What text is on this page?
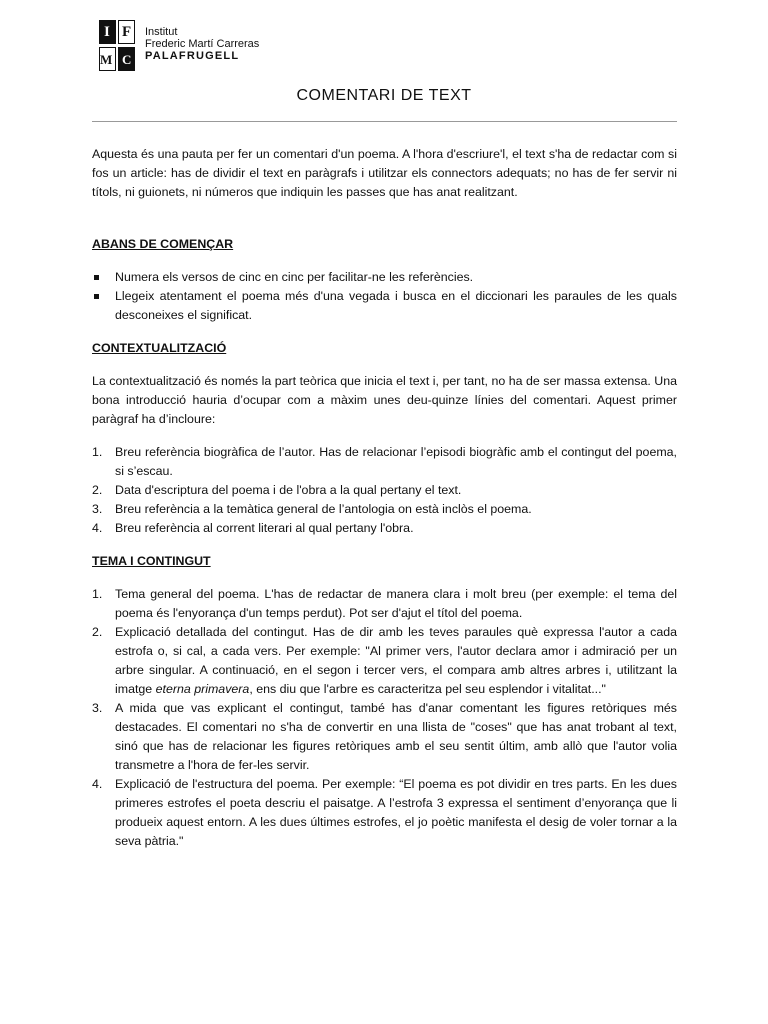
I F
M C
Institut
Frederic Martí Carreras
PALAFRUGELL
COMENTARI DE TEXT

Aquesta és una pauta per fer un comentari d'un poema. A l'hora d'escriure'l, el text s'ha de redactar com si fos un article: has de dividir el text en paràgrafs i utilitzar els connectors adequats; no has de fer servir ni títols, ni guionets, ni números que indiquin les passes que has anat realitzant.

ABANS DE COMENÇAR
Numera els versos de cinc en cinc per facilitar-ne les referències.
Llegeix atentament el poema més d'una vegada i busca en el diccionari les paraules de les quals desconeixes el significat.
CONTEXTUALITZACIÓ

La contextualització és només la part teòrica que inicia el text i, per tant, no ha de ser massa extensa. Una bona introducció hauria d’ocupar com a màxim unes deu-quinze línies del comentari. Aquest primer paràgraf ha d’incloure:

1. Breu referència biogràfica de l’autor. Has de relacionar l’episodi biogràfic amb el contingut del poema, si s’escau.
2. Data d'escriptura del poema i de l'obra a la qual pertany el text.
3. Breu referència a la temàtica general de l’antologia on està inclòs el poema.
4. Breu referència al corrent literari al qual pertany l'obra.
TEMA I CONTINGUT
1. Tema general del poema. L'has de redactar de manera clara i molt breu (per exemple: el tema del poema és l'enyorança d'un temps perdut). Pot ser d'ajut el títol del poema.
2. Explicació detallada del contingut. Has de dir amb les teves paraules què expressa l'autor a cada estrofa o, si cal, a cada vers. Per exemple: "Al primer vers, l'autor declara amor i admiració per un arbre singular. A continuació, en el segon i tercer vers, el compara amb altres arbres i, utilitzant la imatge eterna primavera, ens diu que l'arbre es caracteritza pel seu esplendor i vitalitat..."
3. A mida que vas explicant el contingut, també has d'anar comentant les figures retòriques més destacades. El comentari no s'ha de convertir en una llista de "coses" que has anat trobant al text, sinó que has de relacionar les figures retòriques amb el seu sentit últim, amb allò que l'autor volia transmetre a l'hora de fer-les servir.
4. Explicació de l'estructura del poema. Per exemple: “El poema es pot dividir en tres parts. En les dues primeres estrofes el poeta descriu el paisatge. A l’estrofa 3 expressa el sentiment d’enyorança que li produeix aquest entorn. A les dues últimes estrofes, el jo poètic manifesta el desig de voler tornar a la seva pàtria."
